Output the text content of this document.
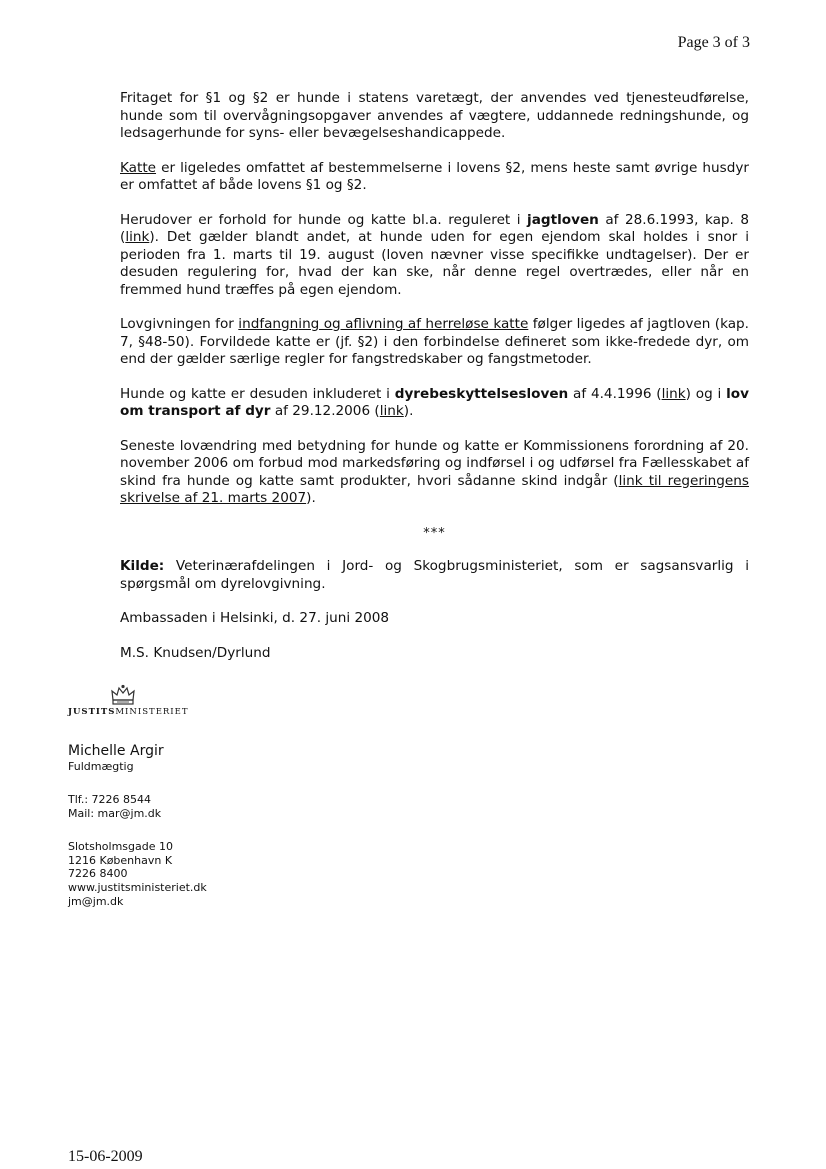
Page 3 of 3

Fritaget for §1 og §2 er hunde i statens varetægt, der anvendes ved tjenesteudførelse, hunde som til overvågningsopgaver anvendes af vægtere, uddannede redningshunde, og ledsagerhunde for syns- eller bevægelseshandicappede.

Katte er ligeledes omfattet af bestemmelserne i lovens §2, mens heste samt øvrige husdyr er omfattet af både lovens §1 og §2.

Herudover er forhold for hunde og katte bl.a. reguleret i jagtloven af 28.6.1993, kap. 8 (link). Det gælder blandt andet, at hunde uden for egen ejendom skal holdes i snor i perioden fra 1. marts til 19. august (loven nævner visse specifikke undtagelser). Der er desuden regulering for, hvad der kan ske, når denne regel overtrædes, eller når en fremmed hund træffes på egen ejendom.

Lovgivningen for indfangning og aflivning af herreløse katte følger ligedes af jagtloven (kap. 7, §48-50). Forvildede katte er (jf. §2) i den forbindelse defineret som ikke-fredede dyr, om end der gælder særlige regler for fangstredskaber og fangstmetoder.

Hunde og katte er desuden inkluderet i dyrebeskyttelsesloven af 4.4.1996 (link) og i lov om transport af dyr af 29.12.2006 (link).

Seneste lovændring med betydning for hunde og katte er Kommissionens forordning af 20. november 2006 om forbud mod markedsføring og indførsel i og udførsel fra Fællesskabet af skind fra hunde og katte samt produkter, hvori sådanne skind indgår (link til regeringens skrivelse af 21. marts 2007).

***

Kilde: Veterinærafdelingen i Jord- og Skogbrugsministeriet, som er sagsansvarlig i spørgsmål om dyrelovgivning.

Ambassaden i Helsinki, d. 27. juni 2008

M.S. Knudsen/Dyrlund

JUSTITSMINISTERIET
Michelle Argir
Fuldmægtig
Tlf.: 7226 8544
Mail: mar@jm.dk
Slotsholmsgade 10
1216 København K
7226 8400
www.justitsministeriet.dk
jm@jm.dk
15-06-2009
